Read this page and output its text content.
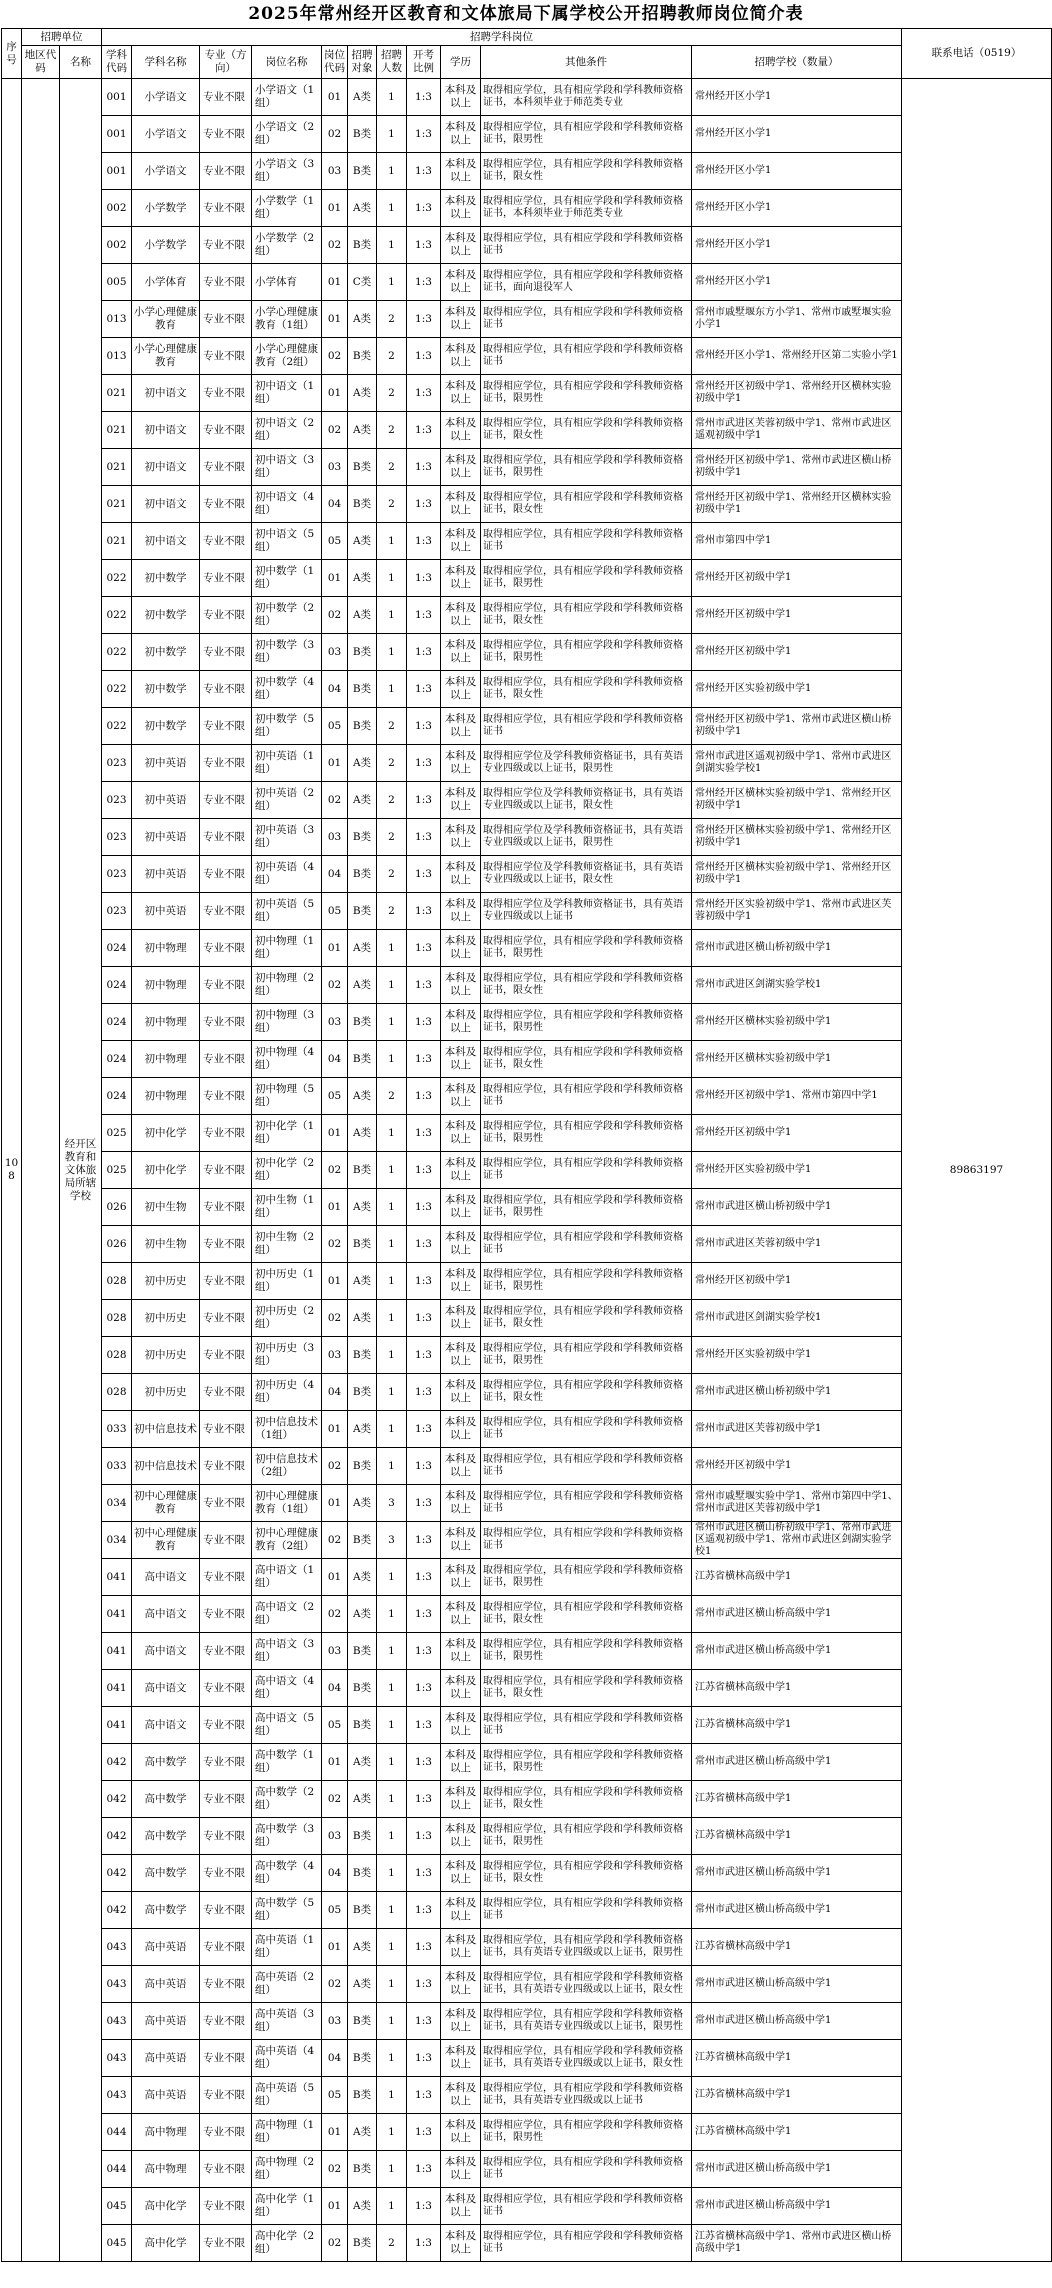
2025年常州经开区教育和文体旅局下属学校公开招聘教师岗位简介表
序号	招聘单位		招聘学科岗位											联系电话（0519）
	地区代码	名称	学科代码	学科名称	专业（方向）	岗位名称	岗位代码	招聘对象	招聘人数	开考比例	学历	其他条件	招聘学校（数量）	
108		经开区教育和文体旅局所辖学校	001	小学语文	专业不限	小学语文（1组）	01	A类	1	1:3	本科及以上	取得相应学位，具有相应学段和学科教师资格证书，本科须毕业于师范类专业	常州经开区小学1	89863197
			001	小学语文	专业不限	小学语文（2组）	02	B类	1	1:3	本科及以上	取得相应学位，具有相应学段和学科教师资格证书，限男性	常州经开区小学1	
			001	小学语文	专业不限	小学语文（3组）	03	B类	1	1:3	本科及以上	取得相应学位，具有相应学段和学科教师资格证书，限女性	常州经开区小学1	
			002	小学数学	专业不限	小学数学（1组）	01	A类	1	1:3	本科及以上	取得相应学位，具有相应学段和学科教师资格证书，本科须毕业于师范类专业	常州经开区小学1	
			002	小学数学	专业不限	小学数学（2组）	02	B类	1	1:3	本科及以上	取得相应学位，具有相应学段和学科教师资格证书	常州经开区小学1	
			005	小学体育	专业不限	小学体育	01	C类	1	1:3	本科及以上	取得相应学位，具有相应学段和学科教师资格证书，面向退役军人	常州经开区小学1	
			013	小学心理健康教育	专业不限	小学心理健康教育（1组）	01	A类	2	1:3	本科及以上	取得相应学位，具有相应学段和学科教师资格证书	常州市戚墅堰东方小学1、常州市戚墅堰实验小学1	
			013	小学心理健康教育	专业不限	小学心理健康教育（2组）	02	B类	2	1:3	本科及以上	取得相应学位，具有相应学段和学科教师资格证书	常州经开区小学1、常州经开区第二实验小学1	
			021	初中语文	专业不限	初中语文（1组）	01	A类	2	1:3	本科及以上	取得相应学位，具有相应学段和学科教师资格证书，限男性	常州经开区初级中学1、常州经开区横林实验初级中学1	
			021	初中语文	专业不限	初中语文（2组）	02	A类	2	1:3	本科及以上	取得相应学位，具有相应学段和学科教师资格证书，限女性	常州市武进区芙蓉初级中学1、常州市武进区遥观初级中学1	
			021	初中语文	专业不限	初中语文（3组）	03	B类	2	1:3	本科及以上	取得相应学位，具有相应学段和学科教师资格证书，限男性	常州经开区初级中学1、常州市武进区横山桥初级中学1	
			021	初中语文	专业不限	初中语文（4组）	04	B类	2	1:3	本科及以上	取得相应学位，具有相应学段和学科教师资格证书，限女性	常州经开区初级中学1、常州经开区横林实验初级中学1	
			021	初中语文	专业不限	初中语文（5组）	05	A类	1	1:3	本科及以上	取得相应学位，具有相应学段和学科教师资格证书	常州市第四中学1	
			022	初中数学	专业不限	初中数学（1组）	01	A类	1	1:3	本科及以上	取得相应学位，具有相应学段和学科教师资格证书，限男性	常州经开区初级中学1	
			022	初中数学	专业不限	初中数学（2组）	02	A类	1	1:3	本科及以上	取得相应学位，具有相应学段和学科教师资格证书，限女性	常州经开区初级中学1	
			022	初中数学	专业不限	初中数学（3组）	03	B类	1	1:3	本科及以上	取得相应学位，具有相应学段和学科教师资格证书，限男性	常州经开区初级中学1	
			022	初中数学	专业不限	初中数学（4组）	04	B类	1	1:3	本科及以上	取得相应学位，具有相应学段和学科教师资格证书，限女性	常州经开区实验初级中学1	
			022	初中数学	专业不限	初中数学（5组）	05	B类	2	1:3	本科及以上	取得相应学位，具有相应学段和学科教师资格证书	常州经开区初级中学1、常州市武进区横山桥初级中学1	
			023	初中英语	专业不限	初中英语（1组）	01	A类	2	1:3	本科及以上	取得相应学位及学科教师资格证书，具有英语专业四级或以上证书，限男性	常州市武进区遥观初级中学1、常州市武进区剑湖实验学校1	
			023	初中英语	专业不限	初中英语（2组）	02	A类	2	1:3	本科及以上	取得相应学位及学科教师资格证书，具有英语专业四级或以上证书，限女性	常州经开区横林实验初级中学1、常州经开区初级中学1	
			023	初中英语	专业不限	初中英语（3组）	03	B类	2	1:3	本科及以上	取得相应学位及学科教师资格证书，具有英语专业四级或以上证书，限男性	常州经开区横林实验初级中学1、常州经开区初级中学1	
			023	初中英语	专业不限	初中英语（4组）	04	B类	2	1:3	本科及以上	取得相应学位及学科教师资格证书，具有英语专业四级或以上证书，限女性	常州经开区横林实验初级中学1、常州经开区初级中学1	
			023	初中英语	专业不限	初中英语（5组）	05	B类	2	1:3	本科及以上	取得相应学位及学科教师资格证书，具有英语专业四级或以上证书	常州经开区实验初级中学1、常州市武进区芙蓉初级中学1	
			024	初中物理	专业不限	初中物理（1组）	01	A类	1	1:3	本科及以上	取得相应学位，具有相应学段和学科教师资格证书，限男性	常州市武进区横山桥初级中学1	
			024	初中物理	专业不限	初中物理（2组）	02	A类	1	1:3	本科及以上	取得相应学位，具有相应学段和学科教师资格证书，限女性	常州市武进区剑湖实验学校1	
			024	初中物理	专业不限	初中物理（3组）	03	B类	1	1:3	本科及以上	取得相应学位，具有相应学段和学科教师资格证书，限男性	常州经开区横林实验初级中学1	
			024	初中物理	专业不限	初中物理（4组）	04	B类	1	1:3	本科及以上	取得相应学位，具有相应学段和学科教师资格证书，限女性	常州经开区横林实验初级中学1	
			024	初中物理	专业不限	初中物理（5组）	05	A类	2	1:3	本科及以上	取得相应学位，具有相应学段和学科教师资格证书	常州经开区初级中学1、常州市第四中学1	
			025	初中化学	专业不限	初中化学（1组）	01	A类	1	1:3	本科及以上	取得相应学位，具有相应学段和学科教师资格证书，限男性	常州经开区初级中学1	
			025	初中化学	专业不限	初中化学（2组）	02	B类	1	1:3	本科及以上	取得相应学位，具有相应学段和学科教师资格证书	常州经开区实验初级中学1	
			026	初中生物	专业不限	初中生物（1组）	01	A类	1	1:3	本科及以上	取得相应学位，具有相应学段和学科教师资格证书，限男性	常州市武进区横山桥初级中学1	
			026	初中生物	专业不限	初中生物（2组）	02	B类	1	1:3	本科及以上	取得相应学位，具有相应学段和学科教师资格证书	常州市武进区芙蓉初级中学1	
			028	初中历史	专业不限	初中历史（1组）	01	A类	1	1:3	本科及以上	取得相应学位，具有相应学段和学科教师资格证书，限男性	常州经开区初级中学1	
			028	初中历史	专业不限	初中历史（2组）	02	A类	1	1:3	本科及以上	取得相应学位，具有相应学段和学科教师资格证书，限女性	常州市武进区剑湖实验学校1	
			028	初中历史	专业不限	初中历史（3组）	03	B类	1	1:3	本科及以上	取得相应学位，具有相应学段和学科教师资格证书，限男性	常州经开区实验初级中学1	
			028	初中历史	专业不限	初中历史（4组）	04	B类	1	1:3	本科及以上	取得相应学位，具有相应学段和学科教师资格证书，限女性	常州市武进区横山桥初级中学1	
			033	初中信息技术	专业不限	初中信息技术（1组）	01	A类	1	1:3	本科及以上	取得相应学位，具有相应学段和学科教师资格证书	常州市武进区芙蓉初级中学1	
			033	初中信息技术	专业不限	初中信息技术（2组）	02	B类	1	1:3	本科及以上	取得相应学位，具有相应学段和学科教师资格证书	常州经开区初级中学1	
			034	初中心理健康教育	专业不限	初中心理健康教育（1组）	01	A类	3	1:3	本科及以上	取得相应学位，具有相应学段和学科教师资格证书	常州市戚墅堰实验中学1、常州市第四中学1、常州市武进区芙蓉初级中学1	
			034	初中心理健康教育	专业不限	初中心理健康教育（2组）	02	B类	3	1:3	本科及以上	取得相应学位，具有相应学段和学科教师资格证书	常州市武进区横山桥初级中学1、常州市武进区遥观初级中学1、常州市武进区剑湖实验学校1	
			041	高中语文	专业不限	高中语文（1组）	01	A类	1	1:3	本科及以上	取得相应学位，具有相应学段和学科教师资格证书，限男性	江苏省横林高级中学1	
			041	高中语文	专业不限	高中语文（2组）	02	A类	1	1:3	本科及以上	取得相应学位，具有相应学段和学科教师资格证书，限女性	常州市武进区横山桥高级中学1	
			041	高中语文	专业不限	高中语文（3组）	03	B类	1	1:3	本科及以上	取得相应学位，具有相应学段和学科教师资格证书，限男性	常州市武进区横山桥高级中学1	
			041	高中语文	专业不限	高中语文（4组）	04	B类	1	1:3	本科及以上	取得相应学位，具有相应学段和学科教师资格证书，限女性	江苏省横林高级中学1	
			041	高中语文	专业不限	高中语文（5组）	05	B类	1	1:3	本科及以上	取得相应学位，具有相应学段和学科教师资格证书	江苏省横林高级中学1	
			042	高中数学	专业不限	高中数学（1组）	01	A类	1	1:3	本科及以上	取得相应学位，具有相应学段和学科教师资格证书，限男性	常州市武进区横山桥高级中学1	
			042	高中数学	专业不限	高中数学（2组）	02	A类	1	1:3	本科及以上	取得相应学位，具有相应学段和学科教师资格证书，限女性	江苏省横林高级中学1	
			042	高中数学	专业不限	高中数学（3组）	03	B类	1	1:3	本科及以上	取得相应学位，具有相应学段和学科教师资格证书，限男性	江苏省横林高级中学1	
			042	高中数学	专业不限	高中数学（4组）	04	B类	1	1:3	本科及以上	取得相应学位，具有相应学段和学科教师资格证书，限女性	常州市武进区横山桥高级中学1	
			042	高中数学	专业不限	高中数学（5组）	05	B类	1	1:3	本科及以上	取得相应学位，具有相应学段和学科教师资格证书	常州市武进区横山桥高级中学1	
			043	高中英语	专业不限	高中英语（1组）	01	A类	1	1:3	本科及以上	取得相应学位，具有相应学段和学科教师资格证书，具有英语专业四级或以上证书，限男性	江苏省横林高级中学1	
			043	高中英语	专业不限	高中英语（2组）	02	A类	1	1:3	本科及以上	取得相应学位，具有相应学段和学科教师资格证书，具有英语专业四级或以上证书，限女性	常州市武进区横山桥高级中学1	
			043	高中英语	专业不限	高中英语（3组）	03	B类	1	1:3	本科及以上	取得相应学位，具有相应学段和学科教师资格证书，具有英语专业四级或以上证书，限男性	常州市武进区横山桥高级中学1	
			043	高中英语	专业不限	高中英语（4组）	04	B类	1	1:3	本科及以上	取得相应学位，具有相应学段和学科教师资格证书，具有英语专业四级或以上证书，限女性	江苏省横林高级中学1	
			043	高中英语	专业不限	高中英语（5组）	05	B类	1	1:3	本科及以上	取得相应学位，具有相应学段和学科教师资格证书，具有英语专业四级或以上证书	江苏省横林高级中学1	
			044	高中物理	专业不限	高中物理（1组）	01	A类	1	1:3	本科及以上	取得相应学位，具有相应学段和学科教师资格证书，限男性	江苏省横林高级中学1	
			044	高中物理	专业不限	高中物理（2组）	02	B类	1	1:3	本科及以上	取得相应学位，具有相应学段和学科教师资格证书	常州市武进区横山桥高级中学1	
			045	高中化学	专业不限	高中化学（1组）	01	A类	1	1:3	本科及以上	取得相应学位，具有相应学段和学科教师资格证书	常州市武进区横山桥高级中学1	
			045	高中化学	专业不限	高中化学（2组）	02	B类	2	1:3	本科及以上	取得相应学位，具有相应学段和学科教师资格证书	江苏省横林高级中学1、常州市武进区横山桥高级中学1	
